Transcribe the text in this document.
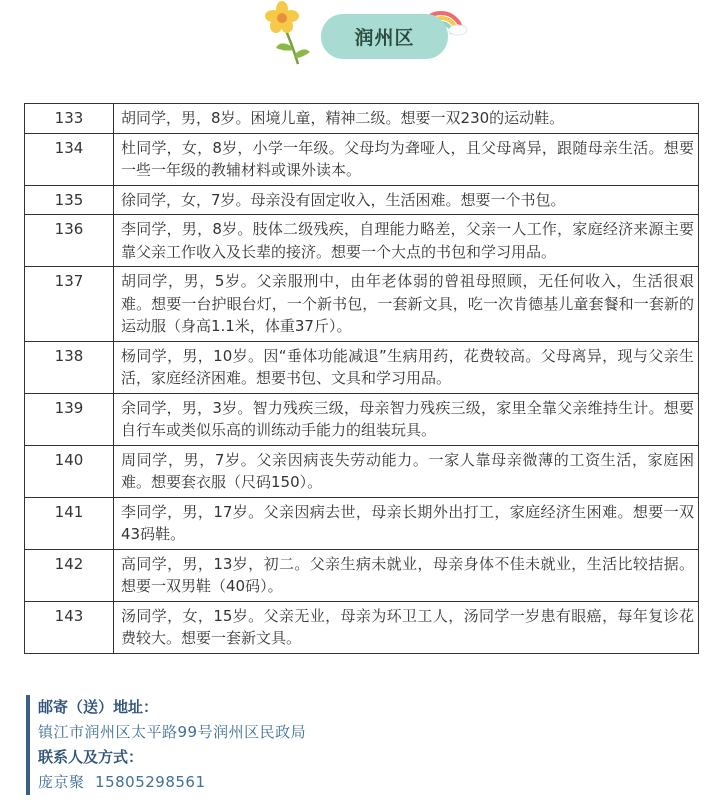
润州区
133	胡同学，男，8岁。困境儿童，精神二级。想要一双230的运动鞋。
134	杜同学，女，8岁，小学一年级。父母均为聋哑人，且父母离异，跟随母亲生活。想要一些一年级的教辅材料或课外读本。
135	徐同学，女，7岁。母亲没有固定收入，生活困难。想要一个书包。
136	李同学，男，8岁。肢体二级残疾，自理能力略差，父亲一人工作，家庭经济来源主要靠父亲工作收入及长辈的接济。想要一个大点的书包和学习用品。
137	胡同学，男，5岁。父亲服刑中，由年老体弱的曾祖母照顾，无任何收入，生活很艰难。想要一台护眼台灯，一个新书包，一套新文具，吃一次肯德基儿童套餐和一套新的运动服（身高1.1米，体重37斤）。
138	杨同学，男，10岁。因“垂体功能减退”生病用药，花费较高。父母离异，现与父亲生活，家庭经济困难。想要书包、文具和学习用品。
139	余同学，男，3岁。智力残疾三级，母亲智力残疾三级，家里全靠父亲维持生计。想要自行车或类似乐高的训练动手能力的组装玩具。
140	周同学，男，7岁。父亲因病丧失劳动能力。一家人靠母亲微薄的工资生活，家庭困难。想要套衣服（尺码150）。
141	李同学，男，17岁。父亲因病去世，母亲长期外出打工，家庭经济生困难。想要一双43码鞋。
142	高同学，男，13岁，初二。父亲生病未就业，母亲身体不佳未就业，生活比较拮据。想要一双男鞋（40码）。
143	汤同学，女，15岁。父亲无业，母亲为环卫工人，汤同学一岁患有眼癌，每年复诊花费较大。想要一套新文具。
邮寄（送）地址：
镇江市润州区太平路99号润州区民政局
联系人及方式：
庞京聚  15805298561
